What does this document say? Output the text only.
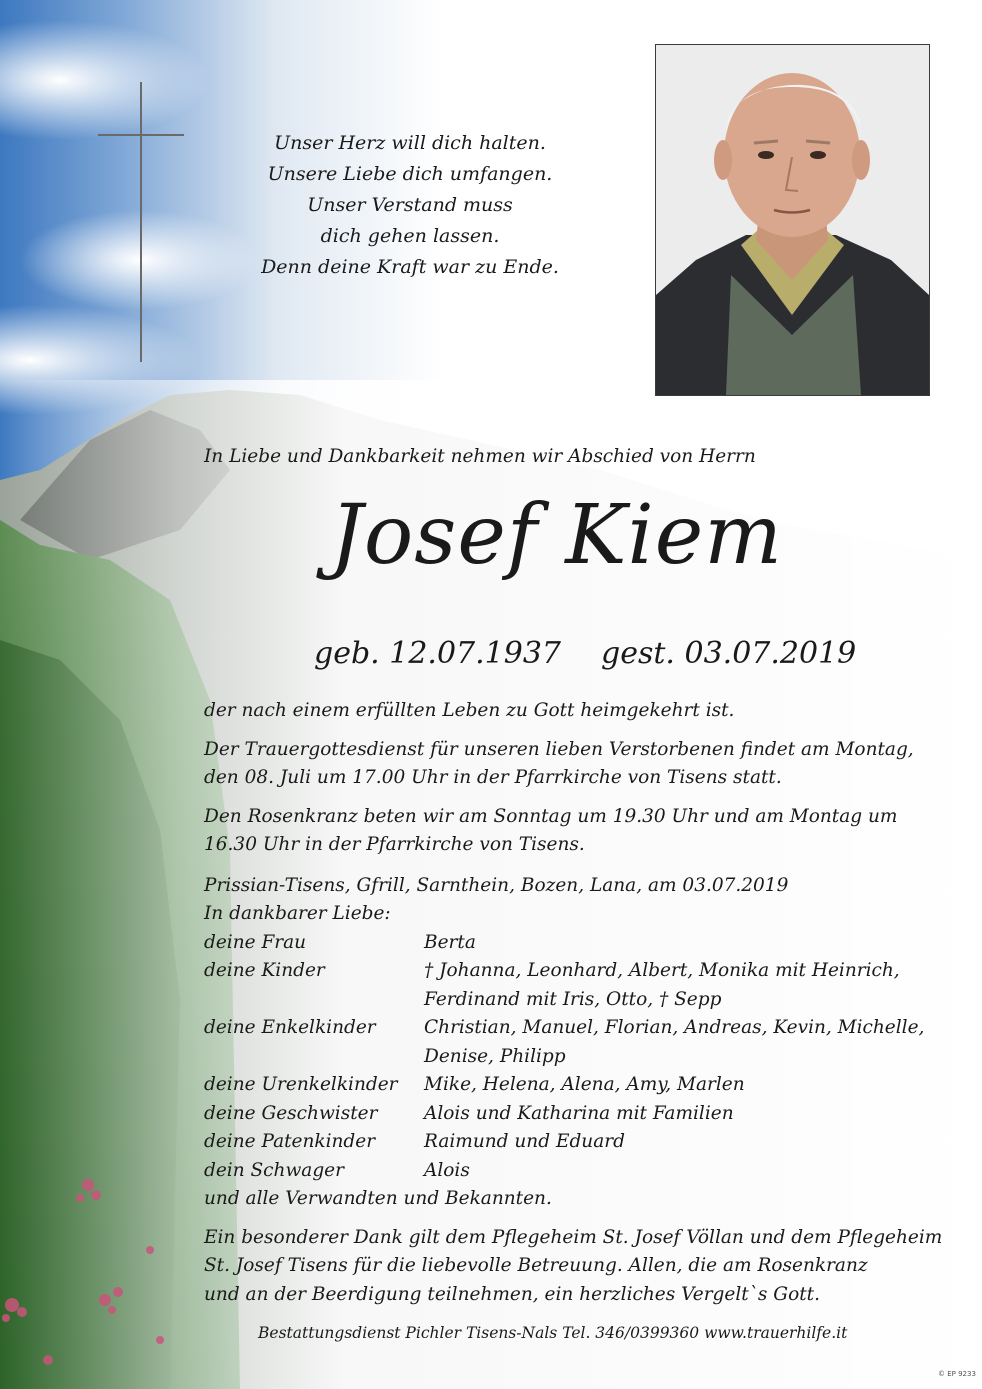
Unser Herz will dich halten.
Unsere Liebe dich umfangen.
Unser Verstand muss
dich gehen lassen.
Denn deine Kraft war zu Ende.
In Liebe und Dankbarkeit nehmen wir Abschied von Herrn
Josef Kiem
geb. 12.07.1937 gest. 03.07.2019

der nach einem erfüllten Leben zu Gott heimgekehrt ist.

Der Trauergottesdienst für unseren lieben Verstorbenen findet am Montag,

den 08. Juli um 17.00 Uhr in der Pfarrkirche von Tisens statt.

Den Rosenkranz beten wir am Sonntag um 19.30 Uhr und am Montag um

16.30 Uhr in der Pfarrkirche von Tisens.

Prissian-Tisens, Gfrill, Sarnthein, Bozen, Lana, am 03.07.2019

In dankbarer Liebe:

deine Frau	Berta
deine Kinder	† Johanna, Leonhard, Albert, Monika mit Heinrich,
Ferdinand mit Iris, Otto, † Sepp
deine Enkelkinder	Christian, Manuel, Florian, Andreas, Kevin, Michelle,
Denise, Philipp
deine Urenkelkinder	Mike, Helena, Alena, Amy, Marlen
deine Geschwister	Alois und Katharina mit Familien
deine Patenkinder	Raimund und Eduard
dein Schwager	Alois

und alle Verwandten und Bekannten.

Ein besonderer Dank gilt dem Pflegeheim St. Josef Völlan und dem Pflegeheim

St. Josef Tisens für die liebevolle Betreuung. Allen, die am Rosenkranz

und an der Beerdigung teilnehmen, ein herzliches Vergelt`s Gott.

Bestattungsdienst Pichler Tisens-Nals Tel. 346/0399360 www.trauerhilfe.it
© EP 9233
